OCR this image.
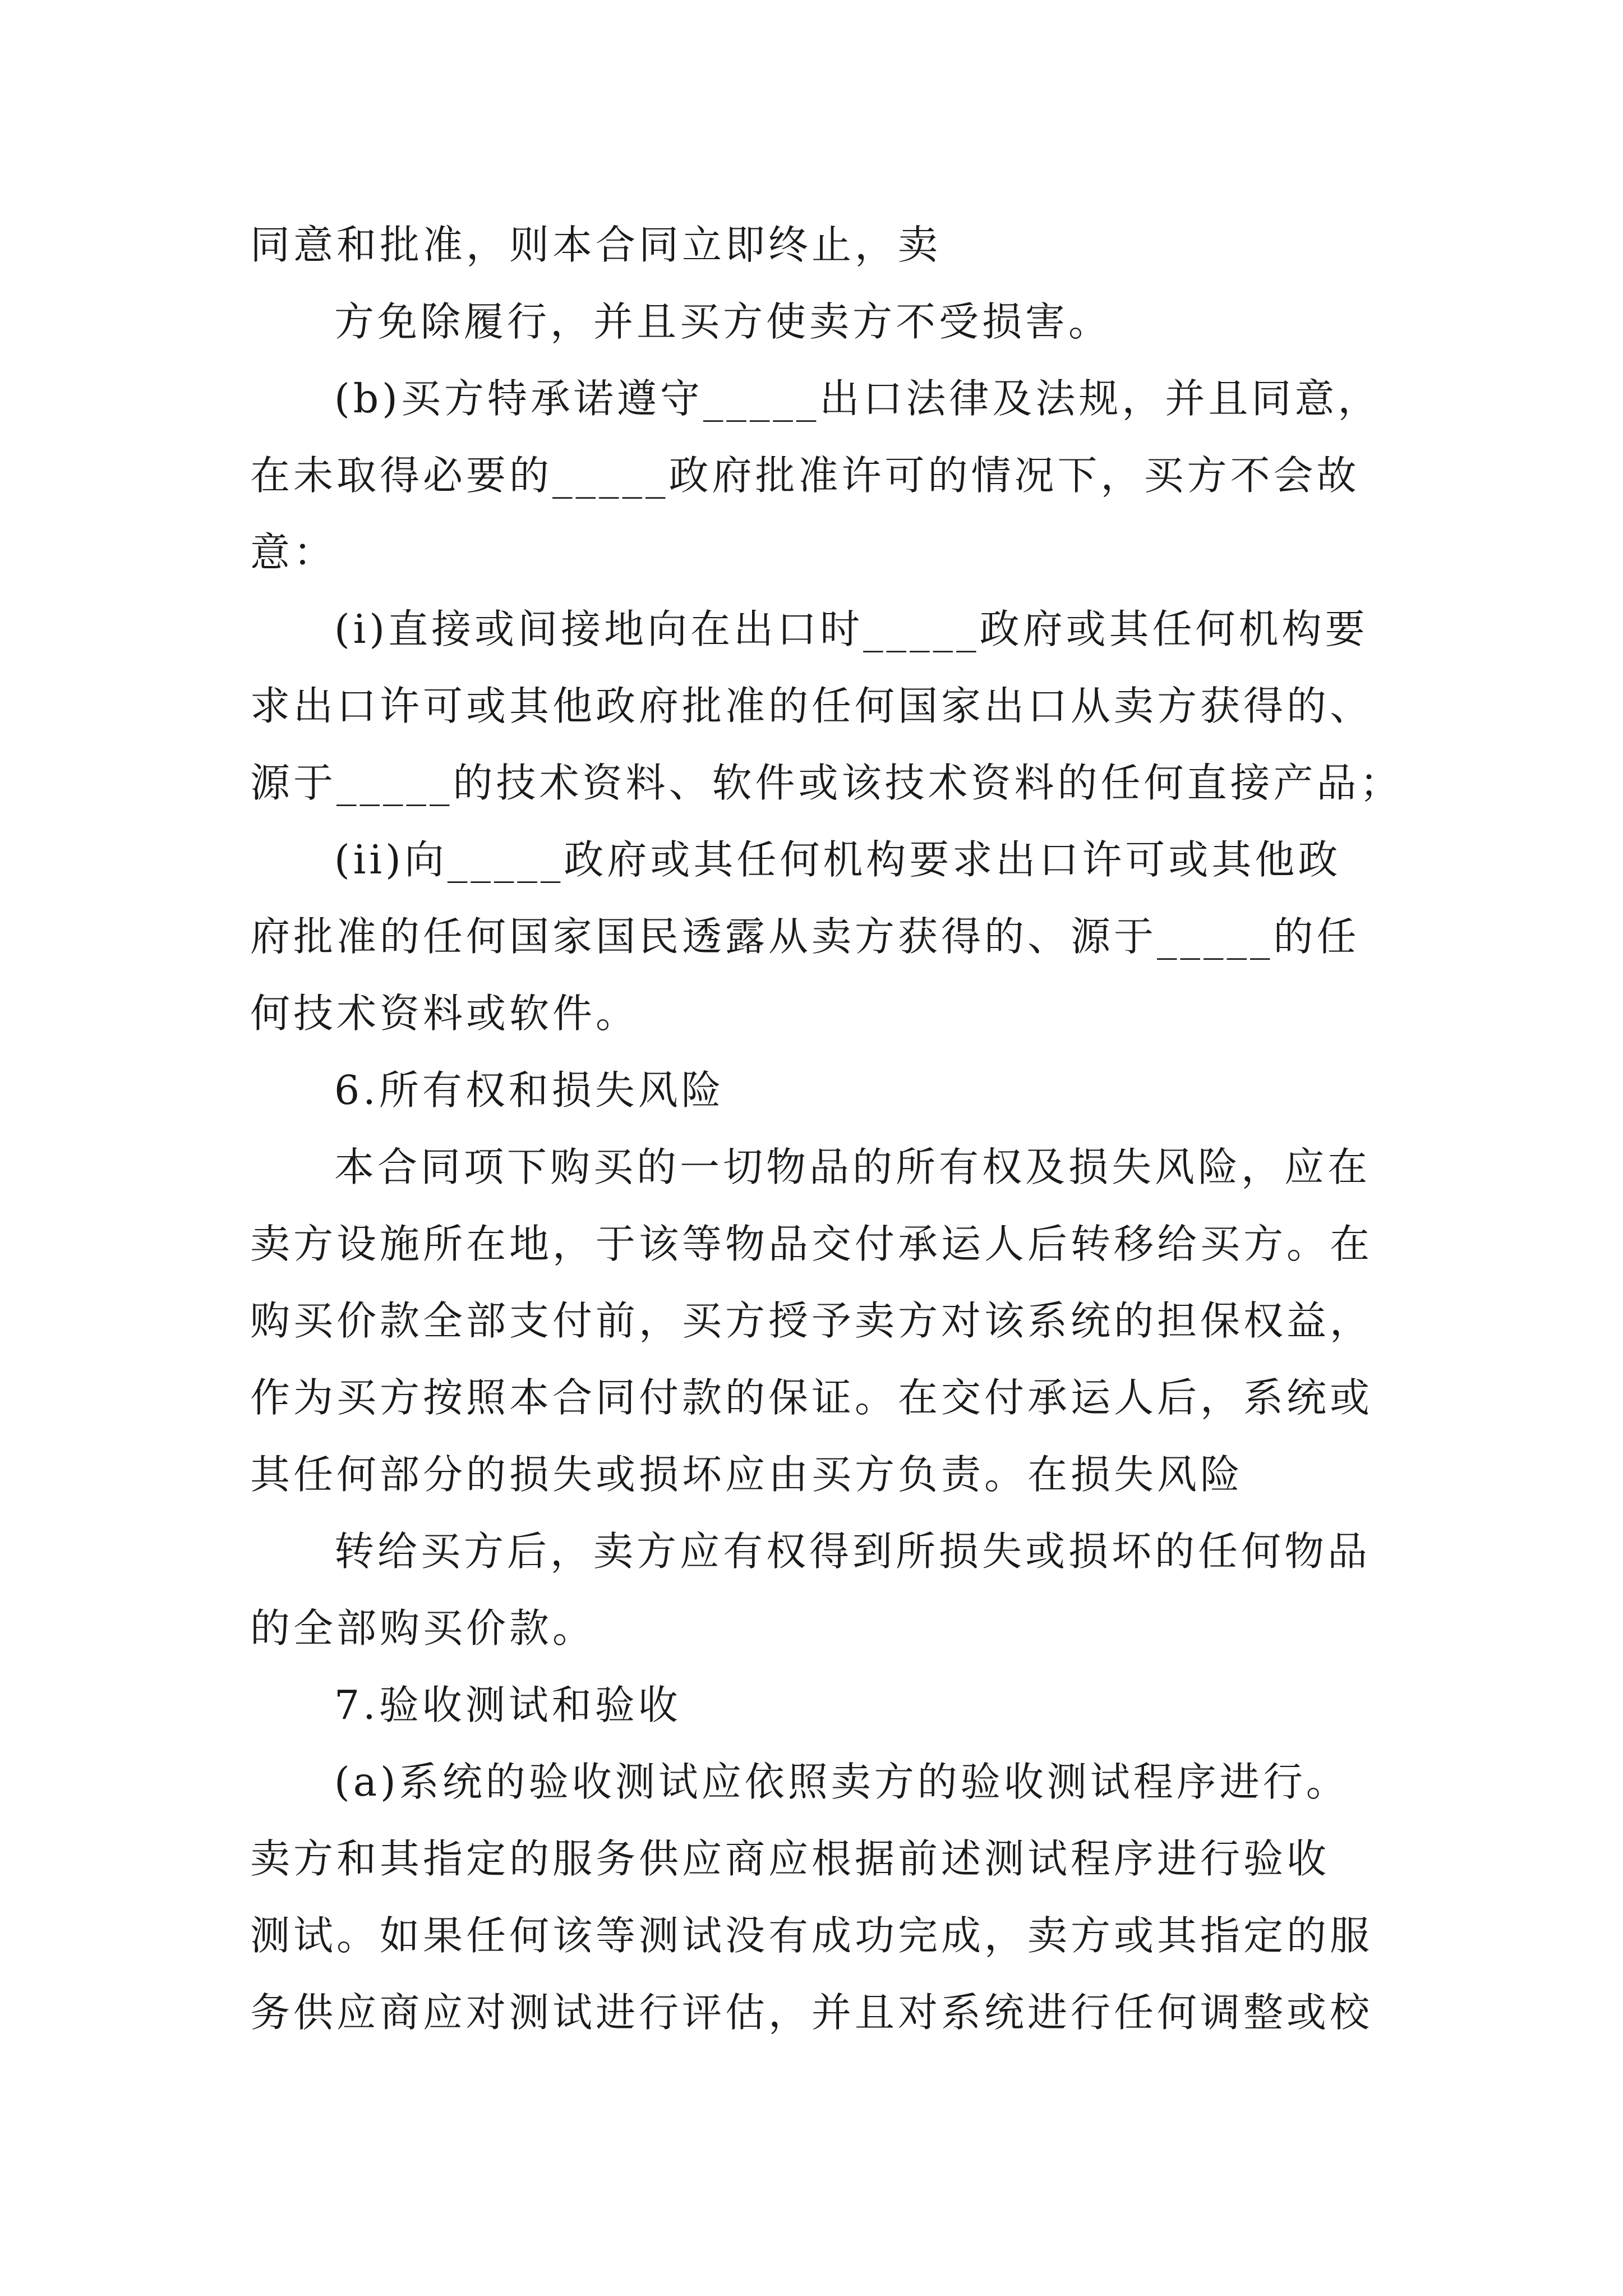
同意和批准，则本合同立即终止，卖
方免除履行，并且买方使卖方不受损害。
(b)买方特承诺遵守_____出口法律及法规，并且同意，
在未取得必要的_____政府批准许可的情况下，买方不会故
意：
(i)直接或间接地向在出口时_____政府或其任何机构要
求出口许可或其他政府批准的任何国家出口从卖方获得的、
源于_____的技术资料、软件或该技术资料的任何直接产品；
(ii)向_____政府或其任何机构要求出口许可或其他政
府批准的任何国家国民透露从卖方获得的、源于_____的任
何技术资料或软件。
6.所有权和损失风险
本合同项下购买的一切物品的所有权及损失风险，应在
卖方设施所在地，于该等物品交付承运人后转移给买方。在
购买价款全部支付前，买方授予卖方对该系统的担保权益，
作为买方按照本合同付款的保证。在交付承运人后，系统或
其任何部分的损失或损坏应由买方负责。在损失风险
转给买方后，卖方应有权得到所损失或损坏的任何物品
的全部购买价款。
7.验收测试和验收
(a)系统的验收测试应依照卖方的验收测试程序进行。
卖方和其指定的服务供应商应根据前述测试程序进行验收
测试。如果任何该等测试没有成功完成，卖方或其指定的服
务供应商应对测试进行评估，并且对系统进行任何调整或校
